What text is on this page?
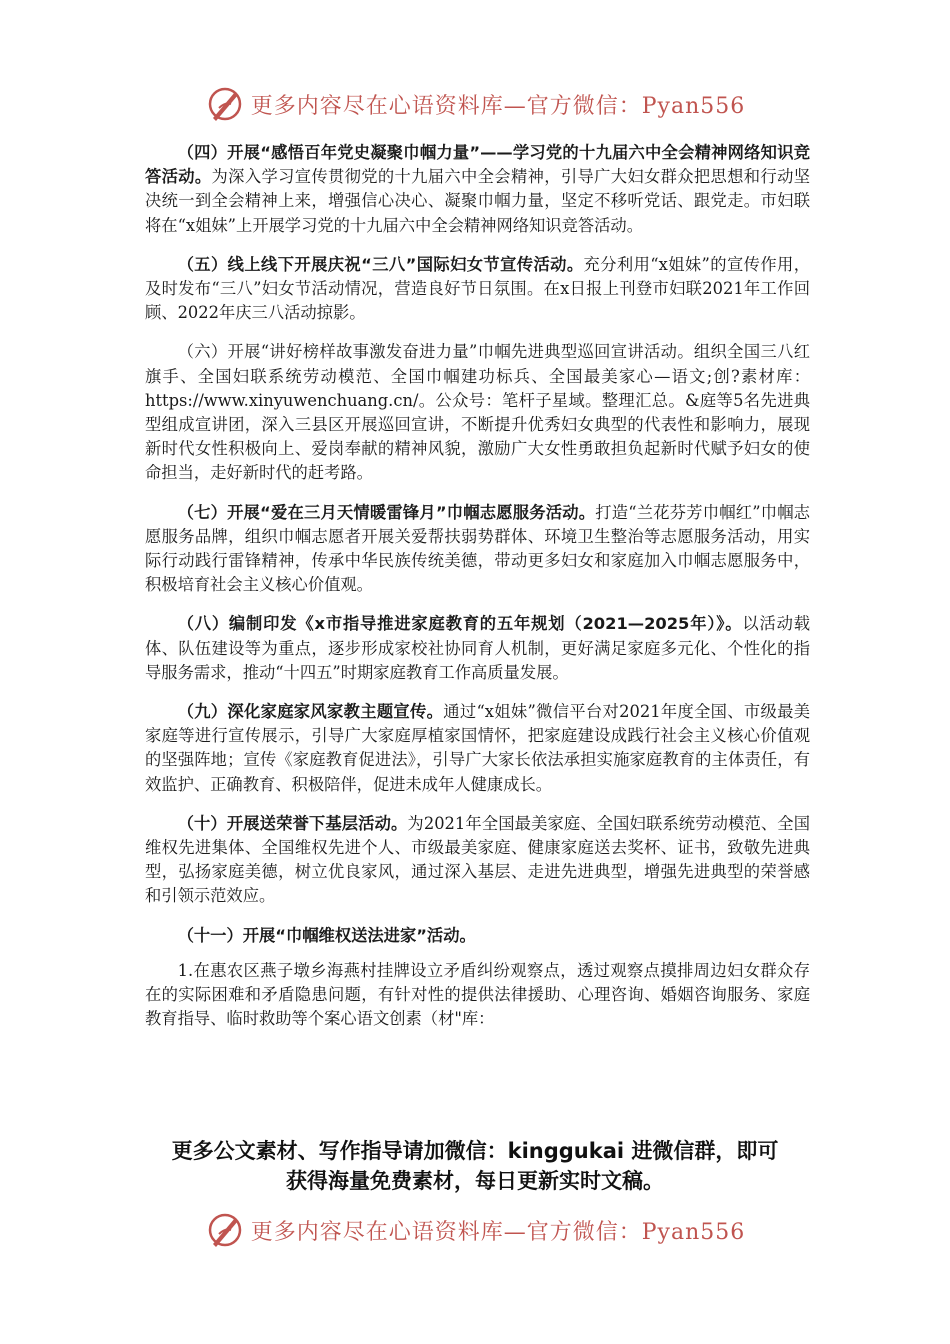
更多内容尽在心语资料库—官方微信：Pyan556

（四）开展“感悟百年党史凝聚巾帼力量”——学习党的十九届六中全会精神网络知识竞答活动。为深入学习宣传贯彻党的十九届六中全会精神，引导广大妇女群众把思想和行动坚决统一到全会精神上来，增强信心决心、凝聚巾帼力量，坚定不移听党话、跟党走。市妇联将在“x姐妹”上开展学习党的十九届六中全会精神网络知识竞答活动。

（五）线上线下开展庆祝“三八”国际妇女节宣传活动。充分利用“x姐妹”的宣传作用，及时发布“三八”妇女节活动情况，营造良好节日氛围。在x日报上刊登市妇联2021年工作回顾、2022年庆三八活动掠影。

（六）开展“讲好榜样故事激发奋进力量”巾帼先进典型巡回宣讲活动。组织全国三八红旗手、全国妇联系统劳动模范、全国巾帼建功标兵、全国最美家心—语文;创?素材库：https://www.xinyuwenchuang.cn/。公众号：笔杆子星域。整理汇总。&庭等5名先进典型组成宣讲团，深入三县区开展巡回宣讲，不断提升优秀妇女典型的代表性和影响力，展现新时代女性积极向上、爱岗奉献的精神风貌，激励广大女性勇敢担负起新时代赋予妇女的使命担当，走好新时代的赶考路。

（七）开展“爱在三月天情暖雷锋月”巾帼志愿服务活动。打造“兰花芬芳巾帼红”巾帼志愿服务品牌，组织巾帼志愿者开展关爱帮扶弱势群体、环境卫生整治等志愿服务活动，用实际行动践行雷锋精神，传承中华民族传统美德，带动更多妇女和家庭加入巾帼志愿服务中，积极培育社会主义核心价值观。

（八）编制印发《x市指导推进家庭教育的五年规划（2021—2025年）》。以活动载体、队伍建设等为重点，逐步形成家校社协同育人机制，更好满足家庭多元化、个性化的指导服务需求，推动“十四五”时期家庭教育工作高质量发展。

（九）深化家庭家风家教主题宣传。通过“x姐妹”微信平台对2021年度全国、市级最美家庭等进行宣传展示，引导广大家庭厚植家国情怀，把家庭建设成践行社会主义核心价值观的坚强阵地；宣传《家庭教育促进法》，引导广大家长依法承担实施家庭教育的主体责任，有效监护、正确教育、积极陪伴，促进未成年人健康成长。

（十）开展送荣誉下基层活动。为2021年全国最美家庭、全国妇联系统劳动模范、全国维权先进集体、全国维权先进个人、市级最美家庭、健康家庭送去奖杯、证书，致敬先进典型，弘扬家庭美德，树立优良家风，通过深入基层、走进先进典型，增强先进典型的荣誉感和引领示范效应。

（十一）开展“巾帼维权送法进家”活动。

1.在惠农区燕子墩乡海燕村挂牌设立矛盾纠纷观察点，透过观察点摸排周边妇女群众存在的实际困难和矛盾隐患问题，有针对性的提供法律援助、心理咨询、婚姻咨询服务、家庭教育指导、临时救助等个案心语文创素（材"库：

更多公文素材、写作指导请加微信：kinggukai 进微信群，即可
获得海量免费素材，每日更新实时文稿。
更多内容尽在心语资料库—官方微信：Pyan556
